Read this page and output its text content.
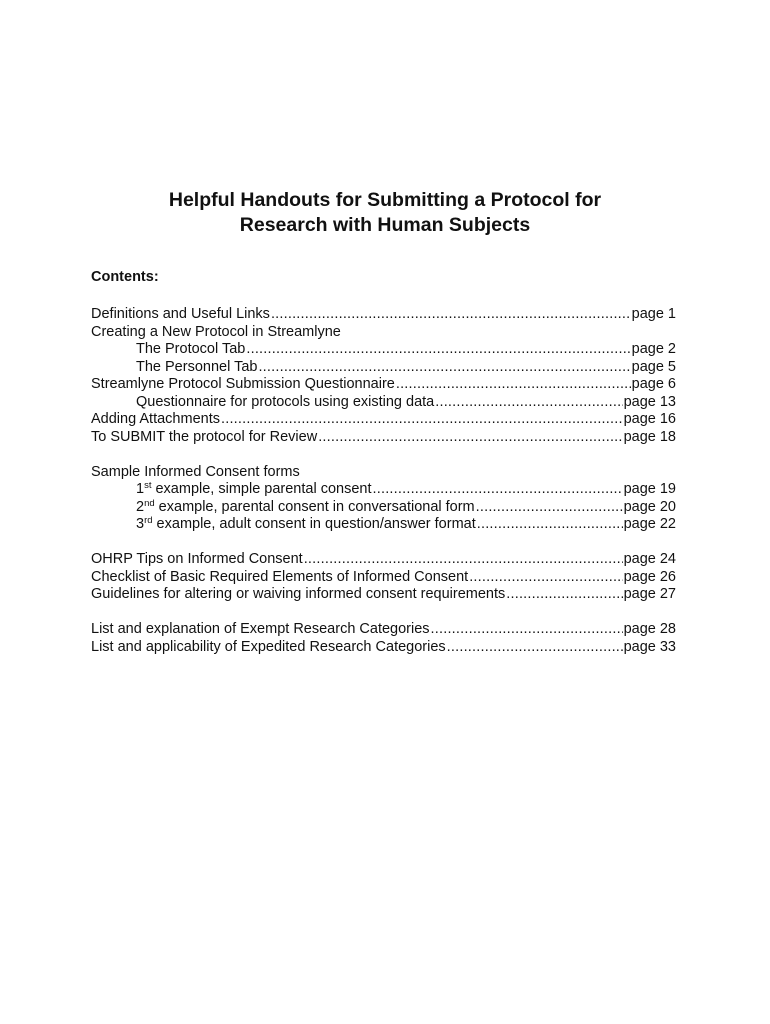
Helpful Handouts for Submitting a Protocol for
Research with Human Subjects
Contents:
Definitions and Useful Links .....	page 1
Creating a New Protocol in Streamlyne
The Protocol Tab .....	page 2
The Personnel Tab .....	page 5
Streamlyne Protocol Submission Questionnaire .....	page 6
Questionnaire for protocols using existing data .....	page 13
Adding Attachments .....	page 16
To SUBMIT the protocol for Review .....	page 18
Sample Informed Consent forms
1st example, simple parental consent .....	page 19
2nd example, parental consent in conversational form .....	page 20
3rd example, adult consent in question/answer format .....	page 22
OHRP Tips on Informed Consent .....	page 24
Checklist of Basic Required Elements of Informed Consent .....	page 26
Guidelines for altering or waiving informed consent requirements .....	page 27
List and explanation of Exempt Research Categories .....	page 28
List and applicability of Expedited Research Categories .....	page 33
